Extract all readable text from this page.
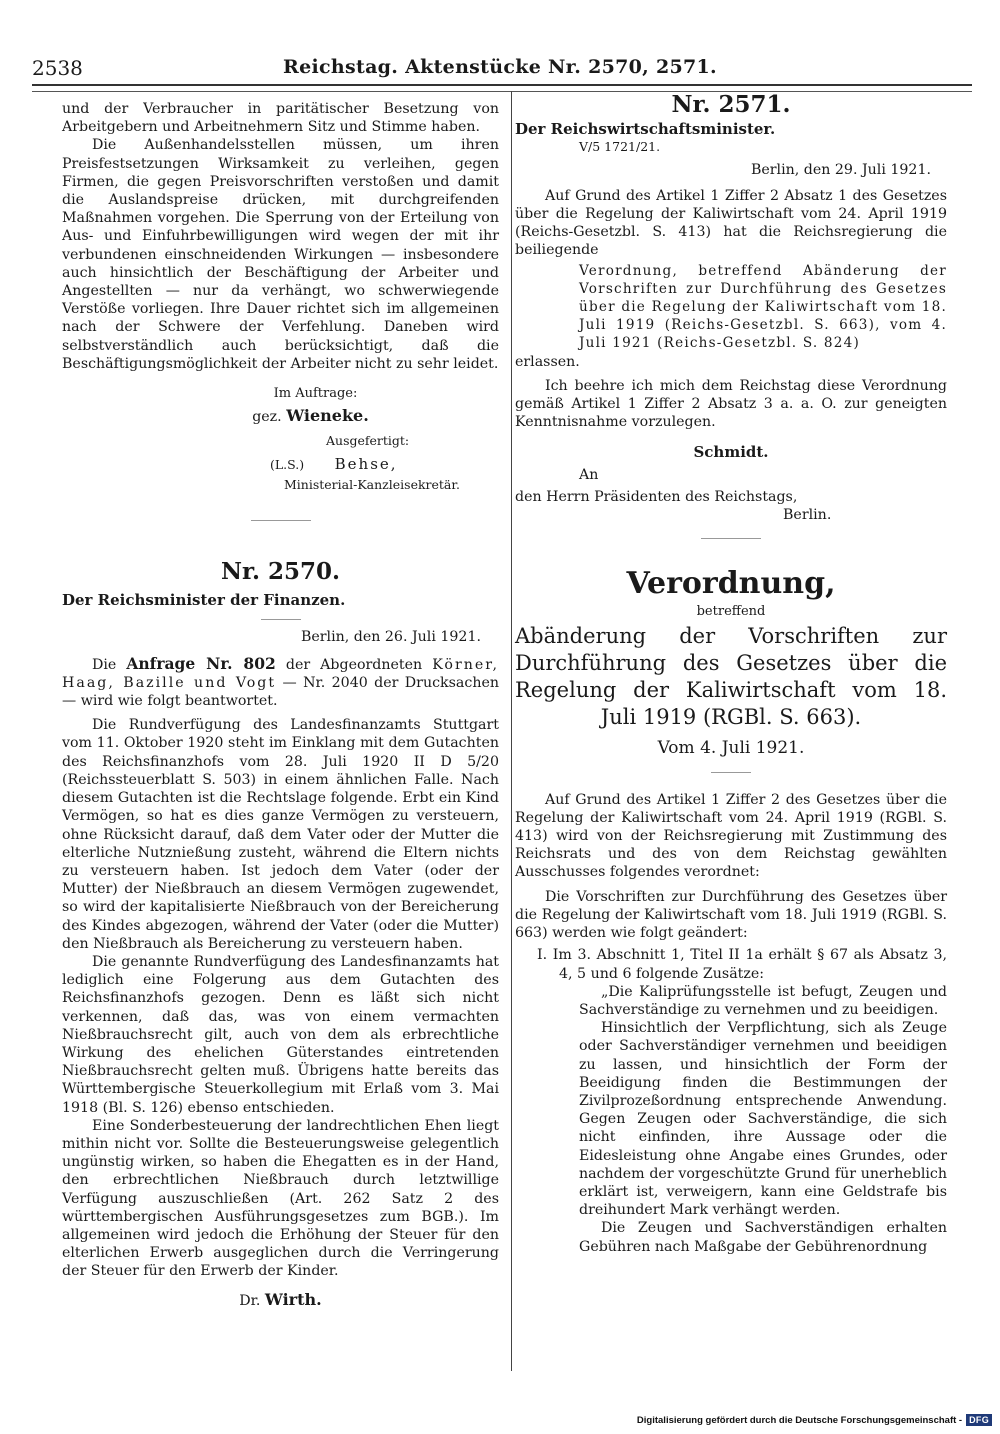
2538	Reichstag. Aktenstücke Nr. 2570, 2571.

und der Verbraucher in paritätischer Besetzung von Arbeitgebern und Arbeitnehmern Sitz und Stimme haben.

Die Außenhandelsstellen müssen, um ihren Preisfestsetzungen Wirksamkeit zu verleihen, gegen Firmen, die gegen Preisvorschriften verstoßen und damit die Auslandspreise drücken, mit durchgreifenden Maßnahmen vorgehen. Die Sperrung von der Erteilung von Aus- und Einfuhrbewilligungen wird wegen der mit ihr verbundenen einschneidenden Wirkungen — insbesondere auch hinsichtlich der Beschäftigung der Arbeiter und Angestellten — nur da verhängt, wo schwerwiegende Verstöße vorliegen. Ihre Dauer richtet sich im allgemeinen nach der Schwere der Verfehlung. Daneben wird selbstverständlich auch berücksichtigt, daß die Beschäftigungsmöglichkeit der Arbeiter nicht zu sehr leidet.

Im Auftrage:

gez. Wieneke.

Ausgefertigt:

(L.S.) Behse,

Ministerial-Kanzleisekretär.

Nr. 2570.

Der Reichsminister der Finanzen.

Berlin, den 26. Juli 1921.

Die Anfrage Nr. 802 der Abgeordneten Körner, Haag, Bazille und Vogt — Nr. 2040 der Drucksachen — wird wie folgt beantwortet.

Die Rundverfügung des Landesfinanzamts Stuttgart vom 11. Oktober 1920 steht im Einklang mit dem Gutachten des Reichsfinanzhofs vom 28. Juli 1920 II D 5/20 (Reichssteuerblatt S. 503) in einem ähnlichen Falle. Nach diesem Gutachten ist die Rechtslage folgende. Erbt ein Kind Vermögen, so hat es dies ganze Vermögen zu versteuern, ohne Rücksicht darauf, daß dem Vater oder der Mutter die elterliche Nutznießung zusteht, während die Eltern nichts zu versteuern haben. Ist jedoch dem Vater (oder der Mutter) der Nießbrauch an diesem Vermögen zugewendet, so wird der kapitalisierte Nießbrauch von der Bereicherung des Kindes abgezogen, während der Vater (oder die Mutter) den Nießbrauch als Bereicherung zu versteuern haben.

Die genannte Rundverfügung des Landesfinanzamts hat lediglich eine Folgerung aus dem Gutachten des Reichsfinanzhofs gezogen. Denn es läßt sich nicht verkennen, daß das, was von einem vermachten Nießbrauchsrecht gilt, auch von dem als erbrechtliche Wirkung des ehelichen Güterstandes eintretenden Nießbrauchsrecht gelten muß. Übrigens hatte bereits das Württembergische Steuerkollegium mit Erlaß vom 3. Mai 1918 (Bl. S. 126) ebenso entschieden.

Eine Sonderbesteuerung der landrechtlichen Ehen liegt mithin nicht vor. Sollte die Besteuerungsweise gelegentlich ungünstig wirken, so haben die Ehegatten es in der Hand, den erbrechtlichen Nießbrauch durch letztwillige Verfügung auszuschließen (Art. 262 Satz 2 des württembergischen Ausführungsgesetzes zum BGB.). Im allgemeinen wird jedoch die Erhöhung der Steuer für den elterlichen Erwerb ausgeglichen durch die Verringerung der Steuer für den Erwerb der Kinder.

Dr. Wirth.

Nr. 2571.

Der Reichswirtschaftsminister.

V/5 1721/21.

Berlin, den 29. Juli 1921.

Auf Grund des Artikel 1 Ziffer 2 Absatz 1 des Gesetzes über die Regelung der Kaliwirtschaft vom 24. April 1919 (Reichs-Gesetzbl. S. 413) hat die Reichsregierung die beiliegende

Verordnung, betreffend Abänderung der Vorschriften zur Durchführung des Gesetzes über die Regelung der Kaliwirtschaft vom 18. Juli 1919 (Reichs-Gesetzbl. S. 663), vom 4. Juli 1921 (Reichs-Gesetzbl. S. 824)

erlassen.

Ich beehre ich mich dem Reichstag diese Verordnung gemäß Artikel 1 Ziffer 2 Absatz 3 a. a. O. zur geneigten Kenntnisnahme vorzulegen.

Schmidt.

An

den Herrn Präsidenten des Reichstags,

Berlin.

Verordnung,

betreffend

Abänderung der Vorschriften zur Durchführung des Gesetzes über die Regelung der Kaliwirtschaft vom 18. Juli 1919 (RGBl. S. 663).

Vom 4. Juli 1921.

Auf Grund des Artikel 1 Ziffer 2 des Gesetzes über die Regelung der Kaliwirtschaft vom 24. April 1919 (RGBl. S. 413) wird von der Reichsregierung mit Zustimmung des Reichsrats und des von dem Reichstag gewählten Ausschusses folgendes verordnet:

Die Vorschriften zur Durchführung des Gesetzes über die Regelung der Kaliwirtschaft vom 18. Juli 1919 (RGBl. S. 663) werden wie folgt geändert:

I. Im 3. Abschnitt 1, Titel II 1a erhält § 67 als Absatz 3, 4, 5 und 6 folgende Zusätze:

„Die Kaliprüfungsstelle ist befugt, Zeugen und Sachverständige zu vernehmen und zu beeidigen.

Hinsichtlich der Verpflichtung, sich als Zeuge oder Sachverständiger vernehmen und beeidigen zu lassen, und hinsichtlich der Form der Beeidigung finden die Bestimmungen der Zivilprozeßordnung entsprechende Anwendung. Gegen Zeugen oder Sachverständige, die sich nicht einfinden, ihre Aussage oder die Eidesleistung ohne Angabe eines Grundes, oder nachdem der vorgeschützte Grund für unerheblich erklärt ist, verweigern, kann eine Geldstrafe bis dreihundert Mark verhängt werden.

Die Zeugen und Sachverständigen erhalten Gebühren nach Maßgabe der Gebührenordnung

Digitalisierung gefördert durch die Deutsche Forschungsgemeinschaft - DFG
